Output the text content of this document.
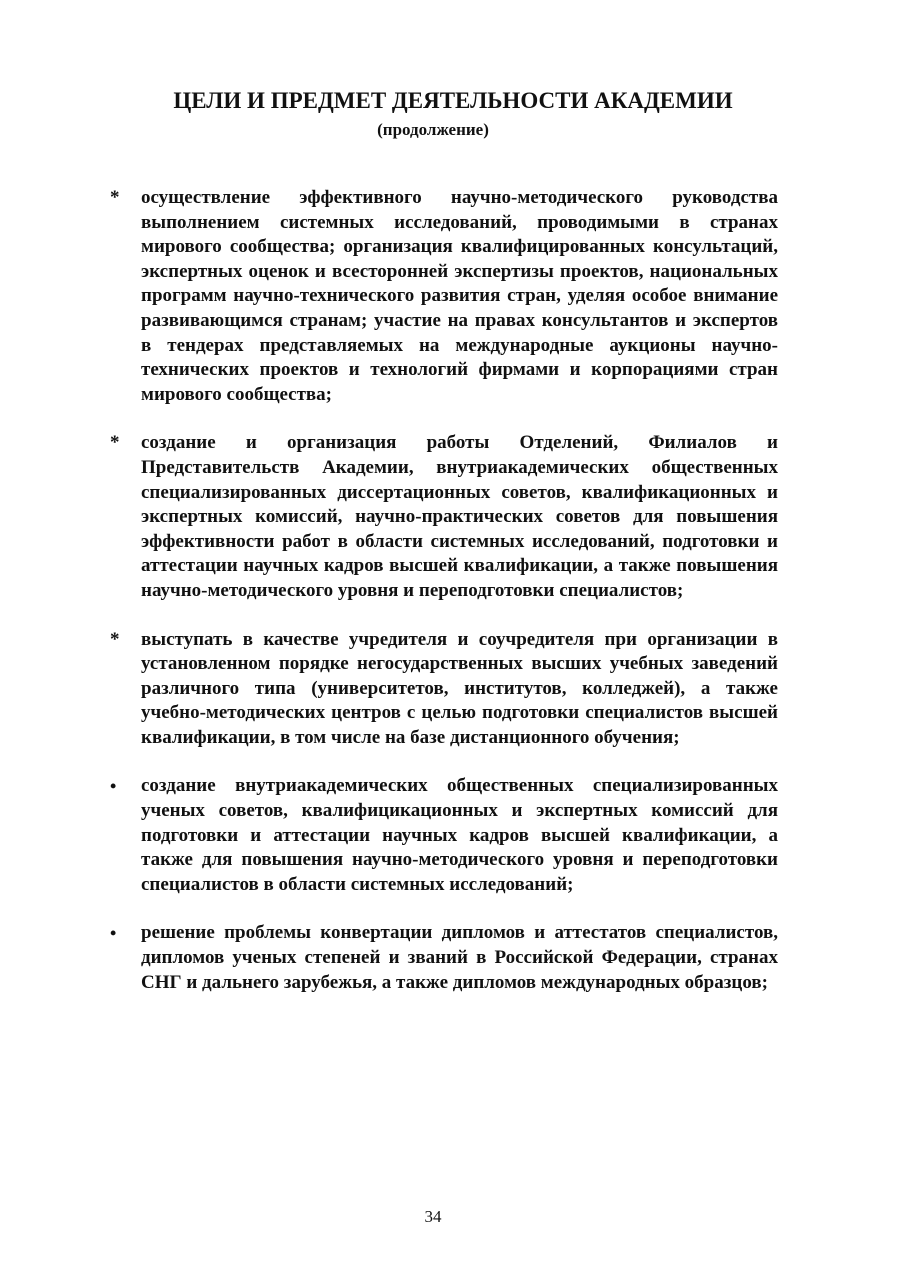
ЦЕЛИ И ПРЕДМЕТ ДЕЯТЕЛЬНОСТИ АКАДЕМИИ
(продолжение)
*	осуществление эффективного научно-методического руководства выполнением системных исследований, проводимыми в странах мирового сообщества; организация квалифицированных консультаций, экспертных оценок и всесторонней экспертизы проектов, национальных программ научно-технического развития стран, уделяя особое внимание развивающимся странам; участие на правах консультантов и экспертов в тендерах представляемых на международные аукционы научно-технических проектов и технологий фирмами и корпорациями стран мирового сообщества;
*	создание и организация работы Отделений, Филиалов и Представительств Академии, внутриакадемических общественных специализированных диссертационных советов, квалификационных и экспертных комиссий, научно-практических советов для повышения эффективности работ в области системных исследований, подготовки и аттестации научных кадров высшей квалификации, а также повышения научно-методического уровня и переподготовки специалистов;
*	выступать в качестве учредителя и соучредителя при организации в установленном порядке негосударственных высших учебных заведений различного типа (университетов, институтов, колледжей), а также учебно-методических центров с целью подготовки специалистов высшей квалификации, в том числе на базе дистанционного обучения;
•	создание внутриакадемических общественных специализированных ученых советов, квалифицикационных и экспертных комиссий для подготовки и аттестации научных кадров высшей квалификации, а также для повышения научно-методического уровня и переподготовки специалистов в области системных исследований;
•	решение проблемы конвертации дипломов и аттестатов специалистов, дипломов ученых степеней и званий в Российской Федерации, странах СНГ и дальнего зарубежья, а также дипломов международных образцов;
34
